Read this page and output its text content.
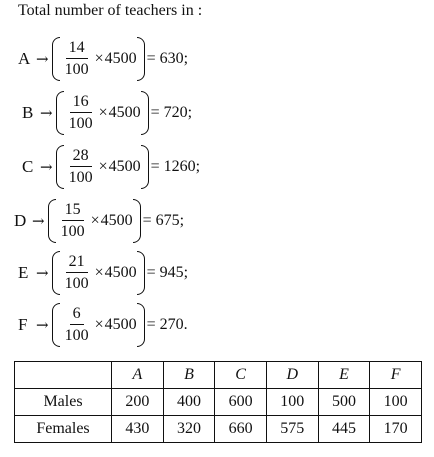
Total number of teachers in :
$A \to \frac{14}{100} \times 4500 = 630$;
$B \to \frac{16}{100} \times 4500 = 720$;
$C \to \frac{28}{100} \times 4500 = 1260$;
$D \to \frac{15}{100} \times 4500 = 675$;
$E \to \frac{21}{100} \times 4500 = 945$;
$F \to \frac{6}{100} \times 4500 = 270$.
	A	B	C	D	E	F
Males	200	400	600	100	500	100
Females	430	320	660	575	445	170
